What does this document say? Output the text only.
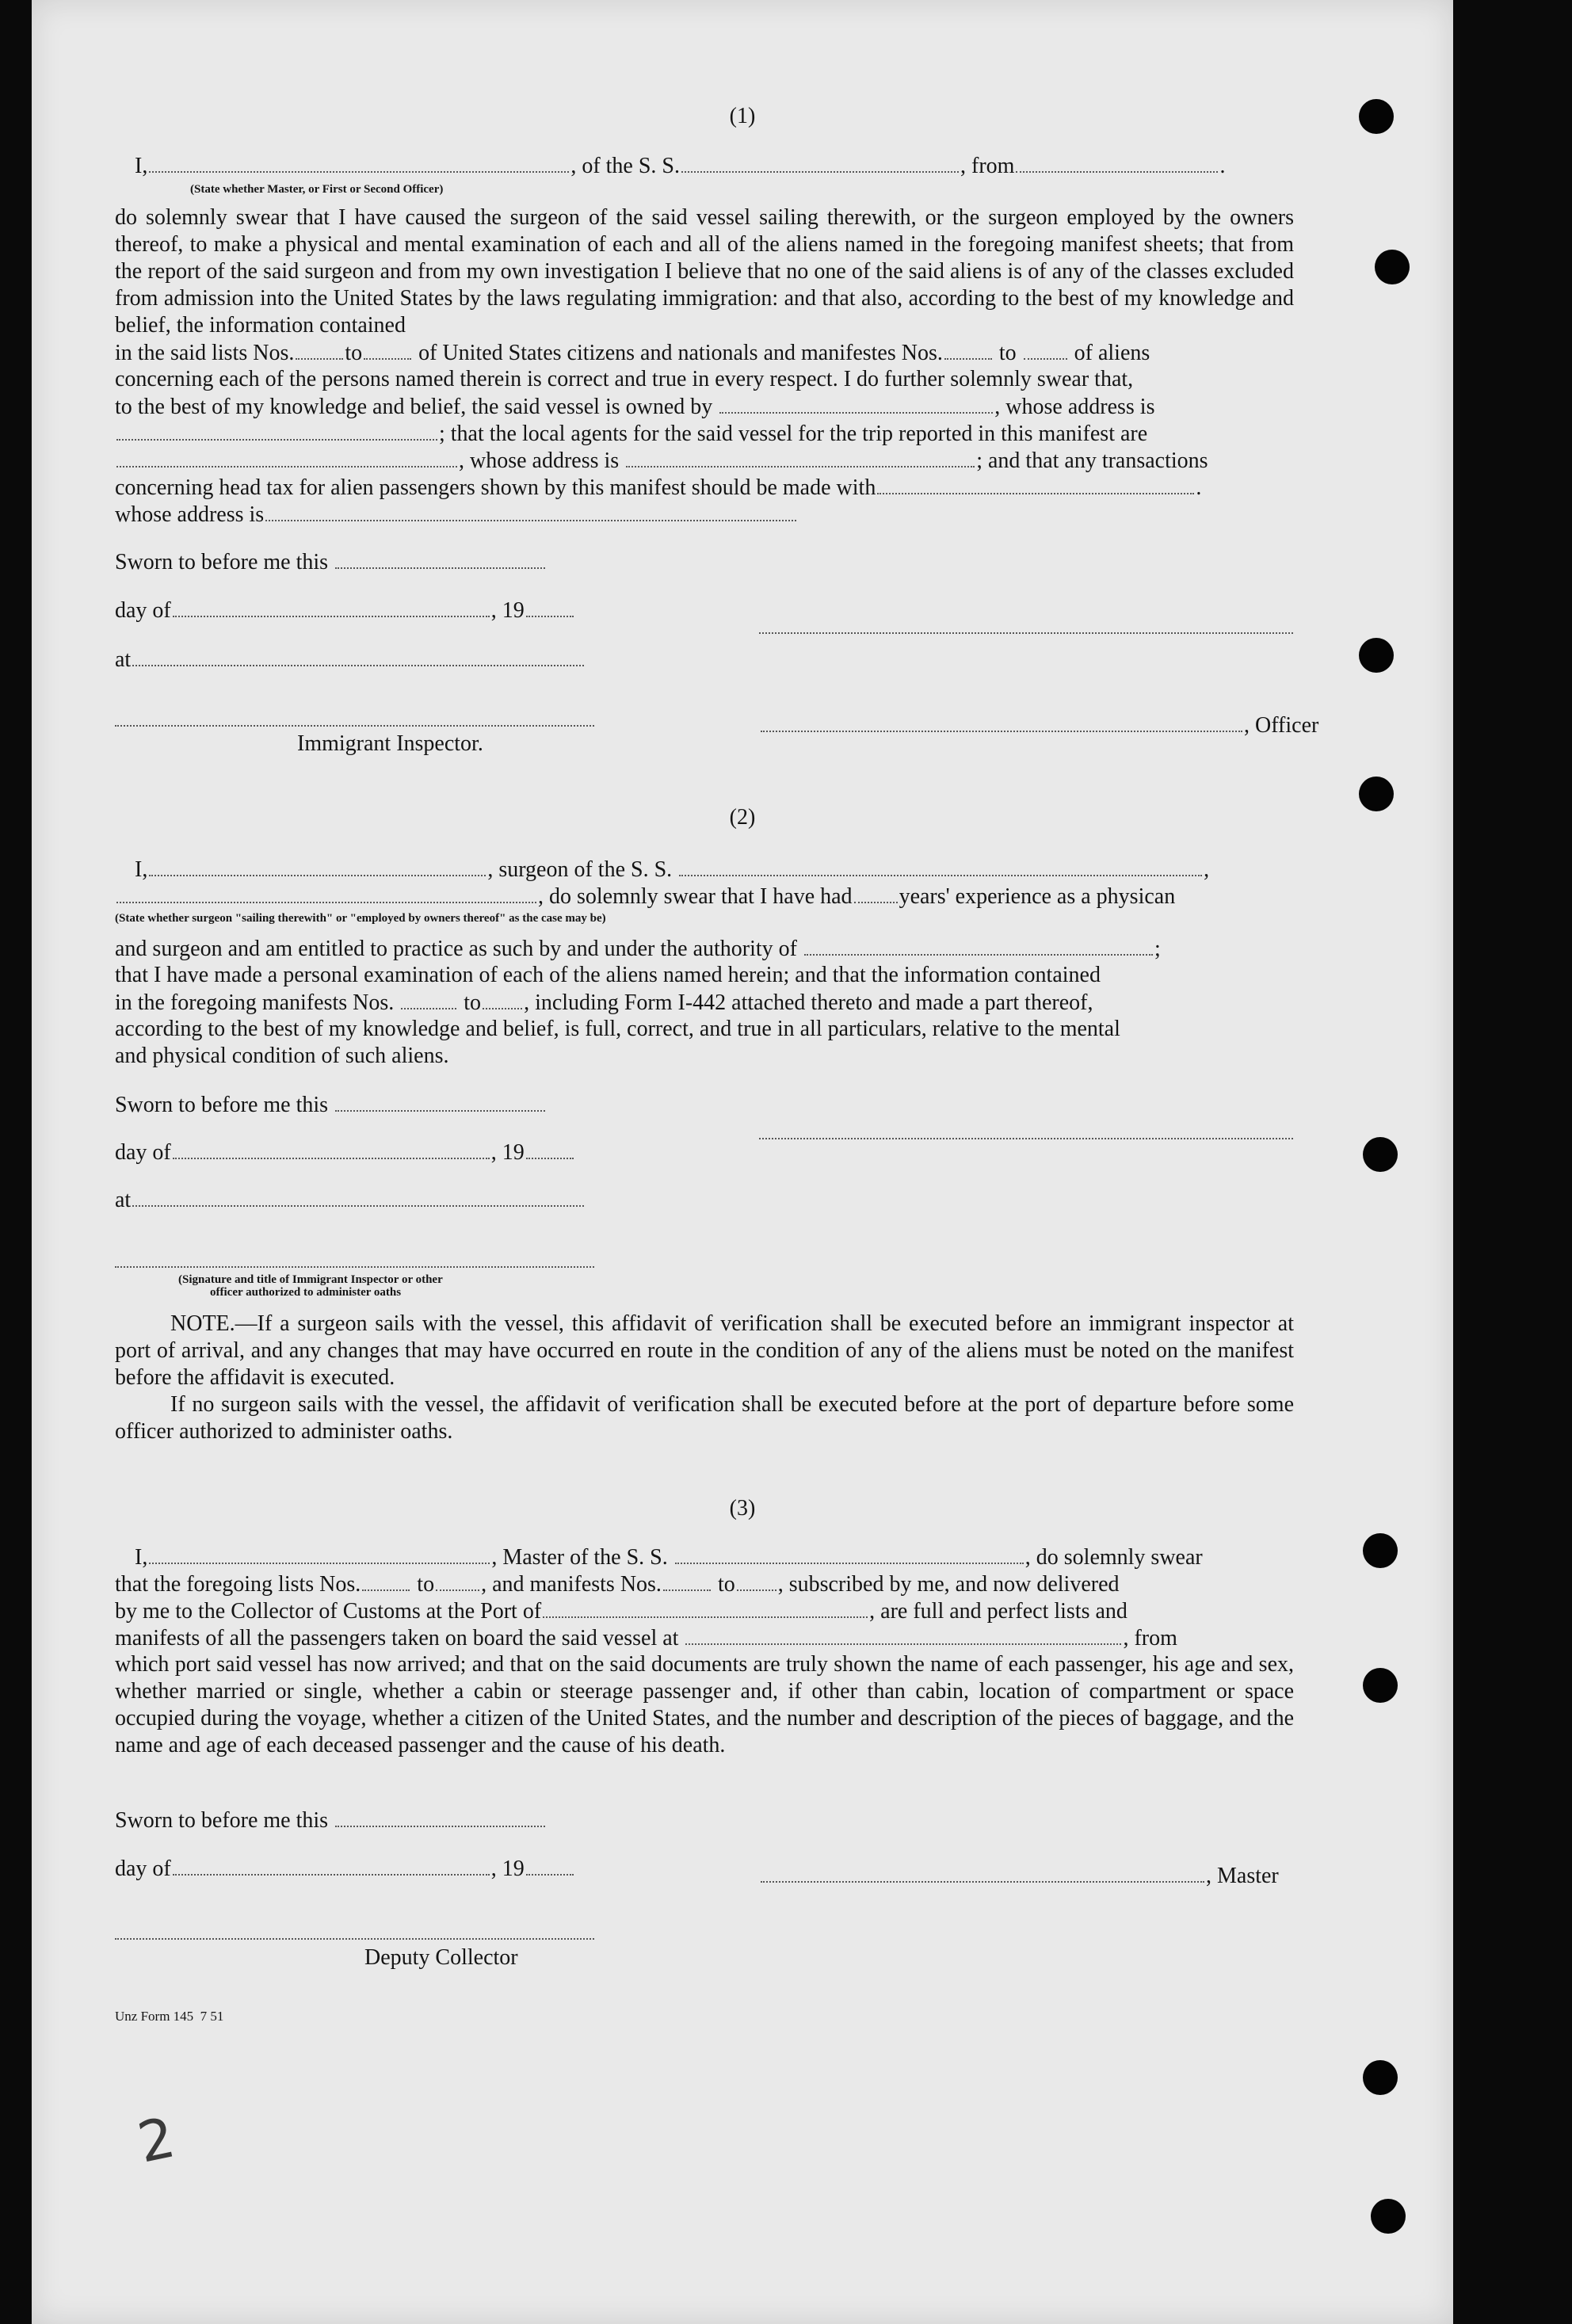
(1)
I,	, of the S. S.	, from	.
(State whether Master, or First or Second Officer)
do solemnly swear that I have caused the surgeon of the said vessel sailing therewith, or the surgeon employed by the owners thereof, to make a physical and mental examination of each and all of the aliens named in the foregoing manifest sheets; that from the report of the said surgeon and from my own investigation I believe that no one of the said aliens is of any of the classes excluded from admission into the United States by the laws regulating immigration: and that also, according to the best of my knowledge and belief, the information contained
in the said lists Nos. to	of United States citizens and nationals and manifestes Nos.	to	of aliens
concerning each of the persons named therein is correct and true in every respect. I do further solemnly swear that,
to the best of my knowledge and belief, the said vessel is owned by	, whose address is
; that the local agents for the said vessel for the trip reported in this manifest are
, whose address is	; and that any transactions
concerning head tax for alien passengers shown by this manifest should be made with	.
whose address is
Sworn to before me this
day of	, 19
at
, Officer
Immigrant Inspector.
(2)
I,	, surgeon of the S. S.	,
, do solemnly swear that I have had years' experience as a physican
(State whether surgeon "sailing therewith" or "employed by owners thereof" as the case may be)
and surgeon and am entitled to practice as such by and under the authority of	;
that I have made a personal examination of each of the aliens named herein; and that the information contained
in the foregoing manifests Nos.	to , including Form I-442 attached thereto and made a part thereof,
according to the best of my knowledge and belief, is full, correct, and true in all particulars, relative to the mental
and physical condition of such aliens.
Sworn to before me this
day of	, 19
at
(Signature and title of Immigrant Inspector or other
officer authorized to administer oaths
NOTE.—If a surgeon sails with the vessel, this affidavit of verification shall be executed before an immigrant inspector at port of arrival, and any changes that may have occurred en route in the condition of any of the aliens must be noted on the manifest before the affidavit is executed.
If no surgeon sails with the vessel, the affidavit of verification shall be executed before at the port of departure before some officer authorized to administer oaths.
(3)
I,	, Master of the S. S.	, do solemnly swear
that the foregoing lists Nos.	to , and manifests Nos.	to , subscribed by me, and now delivered
by me to the Collector of Customs at the Port of	, are full and perfect lists and
manifests of all the passengers taken on board the said vessel at	, from
which port said vessel has now arrived; and that on the said documents are truly shown the name of each passenger, his age and sex, whether married or single, whether a cabin or steerage passenger and, if other than cabin, location of compartment or space occupied during the voyage, whether a citizen of the United States, and the number and description of the pieces of baggage, and the name and age of each deceased passenger and the cause of his death.
Sworn to before me this
day of	, 19	, Master
Deputy Collector
Unz Form 145  7 51
2
